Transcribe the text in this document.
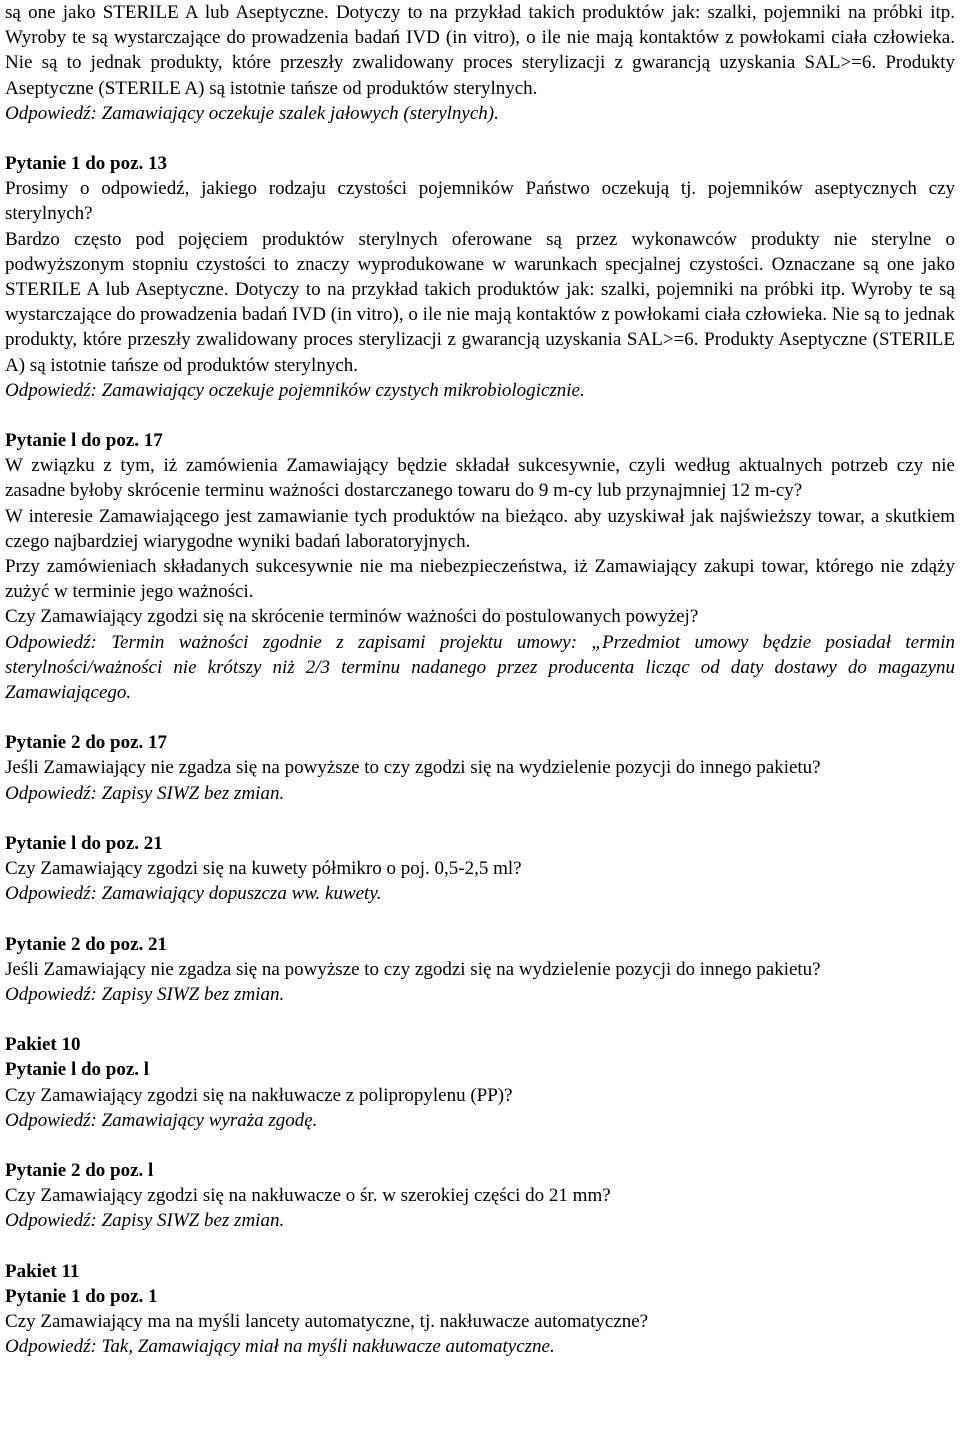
są one jako STERILE A lub Aseptyczne. Dotyczy to na przykład takich produktów jak: szalki, pojemniki na próbki itp. Wyroby te są wystarczające do prowadzenia badań IVD (in vitro), o ile nie mają kontaktów z powłokami ciała człowieka. Nie są to jednak produkty, które przeszły zwalidowany proces sterylizacji z gwarancją uzyskania SAL>=6. Produkty Aseptyczne (STERILE A) są istotnie tańsze od produktów sterylnych.

Odpowiedź: Zamawiający oczekuje szalek jałowych (sterylnych).

Pytanie 1 do poz. 13

Prosimy o odpowiedź, jakiego rodzaju czystości pojemników Państwo oczekują tj. pojemników aseptycznych czy sterylnych?

Bardzo często pod pojęciem produktów sterylnych oferowane są przez wykonawców produkty nie sterylne o podwyższonym stopniu czystości to znaczy wyprodukowane w warunkach specjalnej czystości. Oznaczane są one jako STERILE A lub Aseptyczne. Dotyczy to na przykład takich produktów jak: szalki, pojemniki na próbki itp. Wyroby te są wystarczające do prowadzenia badań IVD (in vitro), o ile nie mają kontaktów z powłokami ciała człowieka. Nie są to jednak produkty, które przeszły zwalidowany proces sterylizacji z gwarancją uzyskania SAL>=6. Produkty Aseptyczne (STERILE A) są istotnie tańsze od produktów sterylnych.

Odpowiedź: Zamawiający oczekuje pojemników czystych mikrobiologicznie.

Pytanie l do poz. 17

W związku z tym, iż zamówienia Zamawiający będzie składał sukcesywnie, czyli według aktualnych potrzeb czy nie zasadne byłoby skrócenie terminu ważności dostarczanego towaru do 9 m-cy lub przynajmniej 12 m-cy?

W interesie Zamawiającego jest zamawianie tych produktów na bieżąco. aby uzyskiwał jak najświeższy towar, a skutkiem czego najbardziej wiarygodne wyniki badań laboratoryjnych.

Przy zamówieniach składanych sukcesywnie nie ma niebezpieczeństwa, iż Zamawiający zakupi towar, którego nie zdąży zużyć w terminie jego ważności.

Czy Zamawiający zgodzi się na skrócenie terminów ważności do postulowanych powyżej?

Odpowiedź: Termin ważności zgodnie z zapisami projektu umowy: „Przedmiot umowy będzie posiadał termin sterylności/ważności nie krótszy niż 2/3 terminu nadanego przez producenta licząc od daty dostawy do magazynu Zamawiającego.

Pytanie 2 do poz. 17

Jeśli Zamawiający nie zgadza się na powyższe to czy zgodzi się na wydzielenie pozycji do innego pakietu?

Odpowiedź: Zapisy SIWZ bez zmian.

Pytanie l do poz. 21

Czy Zamawiający zgodzi się na kuwety półmikro o poj. 0,5-2,5 ml?

Odpowiedź: Zamawiający dopuszcza ww. kuwety.

Pytanie 2 do poz. 21

Jeśli Zamawiający nie zgadza się na powyższe to czy zgodzi się na wydzielenie pozycji do innego pakietu?

Odpowiedź: Zapisy SIWZ bez zmian.

Pakiet 10

Pytanie l do poz. l

Czy Zamawiający zgodzi się na nakłuwacze z polipropylenu (PP)?

Odpowiedź: Zamawiający wyraża zgodę.

Pytanie 2 do poz. l

Czy Zamawiający zgodzi się na nakłuwacze o śr. w szerokiej części do 21 mm?

Odpowiedź: Zapisy SIWZ bez zmian.

Pakiet 11

Pytanie 1 do poz. 1

Czy Zamawiający ma na myśli lancety automatyczne, tj. nakłuwacze automatyczne?

Odpowiedź: Tak, Zamawiający miał na myśli nakłuwacze automatyczne.
